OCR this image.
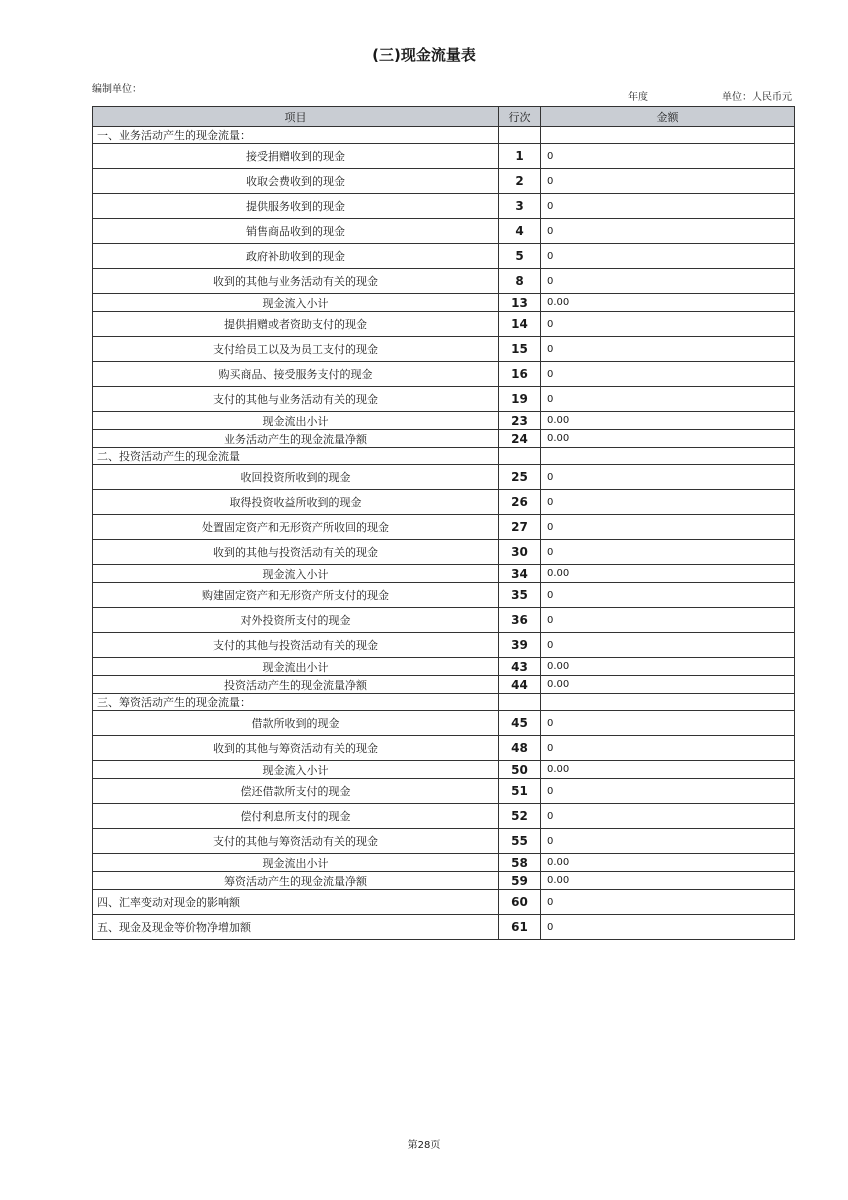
(三)现金流量表
编制单位：
年度	单位：人民币元
项目	行次	金额
一、业务活动产生的现金流量：		
接受捐赠收到的现金	1	0
收取会费收到的现金	2	0
提供服务收到的现金	3	0
销售商品收到的现金	4	0
政府补助收到的现金	5	0
收到的其他与业务活动有关的现金	8	0
现金流入小计	13	0.00
提供捐赠或者资助支付的现金	14	0
支付给员工以及为员工支付的现金	15	0
购买商品、接受服务支付的现金	16	0
支付的其他与业务活动有关的现金	19	0
现金流出小计	23	0.00
业务活动产生的现金流量净额	24	0.00
二、投资活动产生的现金流量		
收回投资所收到的现金	25	0
取得投资收益所收到的现金	26	0
处置固定资产和无形资产所收回的现金	27	0
收到的其他与投资活动有关的现金	30	0
现金流入小计	34	0.00
购建固定资产和无形资产所支付的现金	35	0
对外投资所支付的现金	36	0
支付的其他与投资活动有关的现金	39	0
现金流出小计	43	0.00
投资活动产生的现金流量净额	44	0.00
三、筹资活动产生的现金流量：		
借款所收到的现金	45	0
收到的其他与筹资活动有关的现金	48	0
现金流入小计	50	0.00
偿还借款所支付的现金	51	0
偿付利息所支付的现金	52	0
支付的其他与筹资活动有关的现金	55	0
现金流出小计	58	0.00
筹资活动产生的现金流量净额	59	0.00
四、汇率变动对现金的影响额	60	0
五、现金及现金等价物净增加额	61	0
第28页
